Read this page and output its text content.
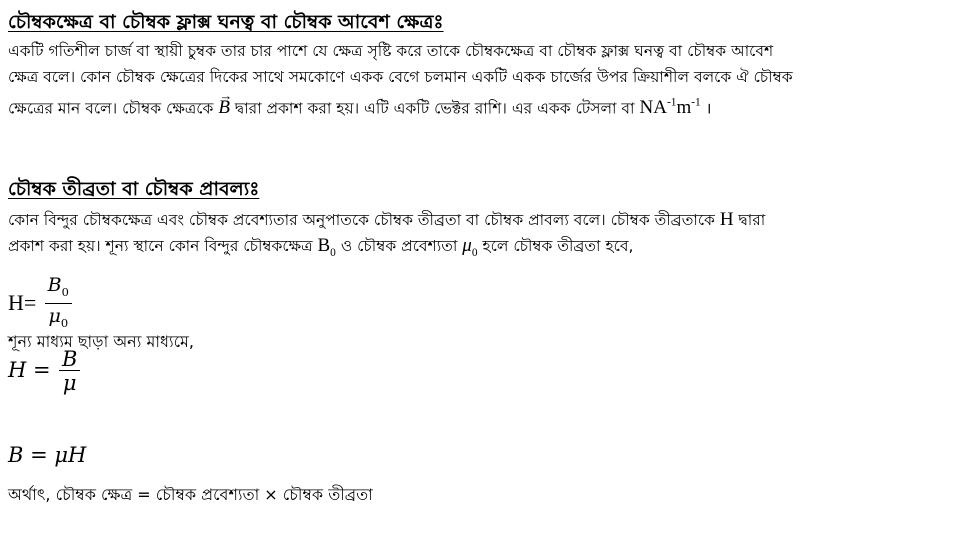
চৌম্বকক্ষেত্র বা চৌম্বক ফ্লাক্স ঘনত্ব বা চৌম্বক আবেশ ক্ষেত্রঃ
একটি গতিশীল চার্জ বা স্থায়ী চুম্বক তার চার পাশে যে ক্ষেত্র সৃষ্টি করে তাকে চৌম্বকক্ষেত্র বা চৌম্বক ফ্লাক্স ঘনত্ব বা চৌম্বক আবেশ
ক্ষেত্র বলে। কোন চৌম্বক ক্ষেত্রের দিকের সাথে সমকোণে একক বেগে চলমান একটি একক চার্জের উপর ক্রিয়াশীল বলকে ঐ চৌম্বক
ক্ষেত্রের মান বলে। চৌম্বক ক্ষেত্রকে → B দ্বারা প্রকাশ করা হয়। এটি একটি ভেক্টর রাশি। এর একক টেসলা বা $NA^{-1}m^{-1}$ ।
চৌম্বক তীব্রতা বা চৌম্বক প্রাবল্যঃ
কোন বিন্দুর চৌম্বকক্ষেত্র এবং চৌম্বক প্রবেশ্যতার অনুপাতকে চৌম্বক তীব্রতা বা চৌম্বক প্রাবল্য বলে। চৌম্বক তীব্রতাকে H দ্বারা
প্রকাশ করা হয়। শূন্য স্থানে কোন বিন্দুর চৌম্বকক্ষেত্র $B_0$ ও চৌম্বক প্রবেশ্যতা $\mu_0$ হলে চৌম্বক তীব্রতা হবে,
$H= \frac{B_0}{\mu_0}$
শূন্য মাধ্যম ছাড়া অন্য মাধ্যমে,
$H = \frac{B}{\mu}$
B = μH
অর্থাৎ, চৌম্বক ক্ষেত্র = চৌম্বক প্রবেশ্যতা × চৌম্বক তীব্রতা
